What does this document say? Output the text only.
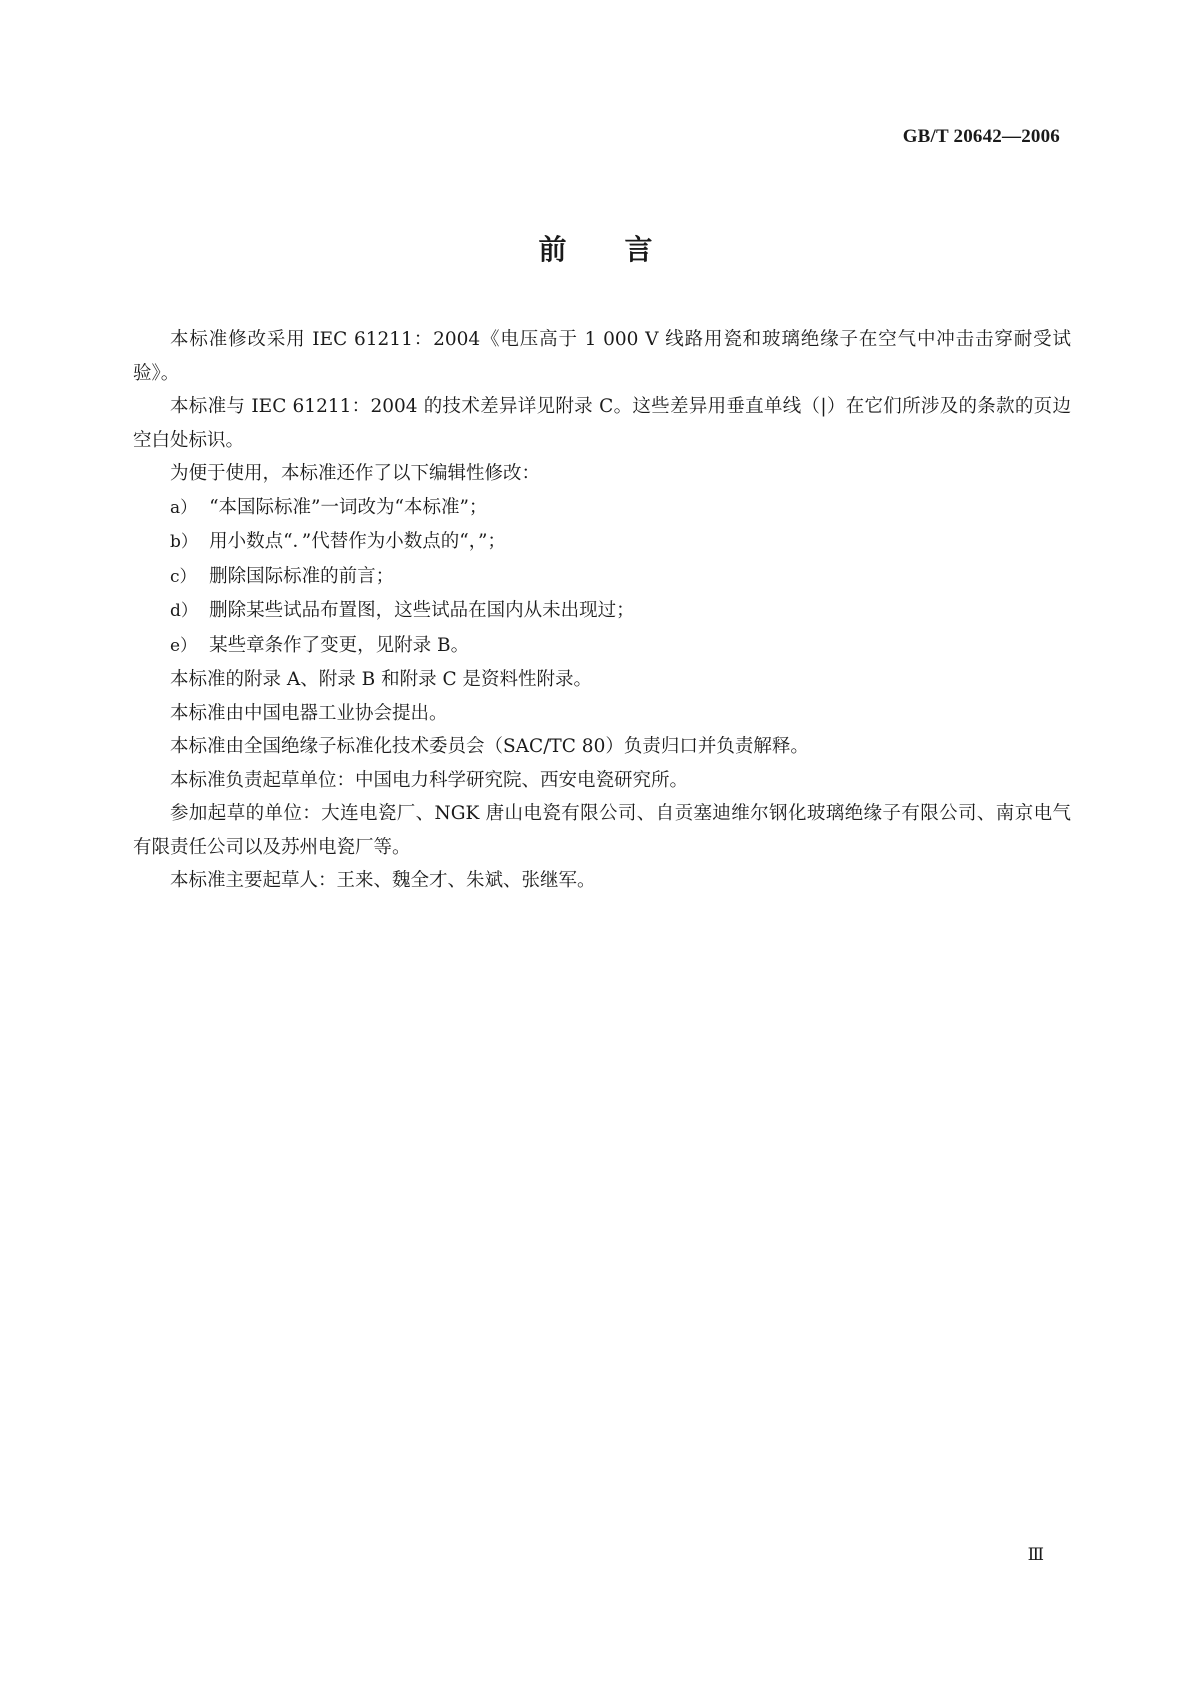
GB/T 20642—2006
前言

本标准修改采用 IEC 61211：2004《电压高于 1 000 V 线路用瓷和玻璃绝缘子在空气中冲击击穿耐受试验》。

本标准与 IEC 61211：2004 的技术差异详见附录 C。这些差异用垂直单线（|）在它们所涉及的条款的页边空白处标识。

为便于使用，本标准还作了以下编辑性修改：

a） “本国际标准”一词改为“本标准”；
b） 用小数点“．”代替作为小数点的“，”；
c） 删除国际标准的前言；
d） 删除某些试品布置图，这些试品在国内从未出现过；
e） 某些章条作了变更，见附录 B。

本标准的附录 A、附录 B 和附录 C 是资料性附录。

本标准由中国电器工业协会提出。

本标准由全国绝缘子标准化技术委员会（SAC/TC 80）负责归口并负责解释。

本标准负责起草单位：中国电力科学研究院、西安电瓷研究所。

参加起草的单位：大连电瓷厂、NGK 唐山电瓷有限公司、自贡塞迪维尔钢化玻璃绝缘子有限公司、南京电气有限责任公司以及苏州电瓷厂等。

本标准主要起草人：王来、魏全才、朱斌、张继军。

Ⅲ
